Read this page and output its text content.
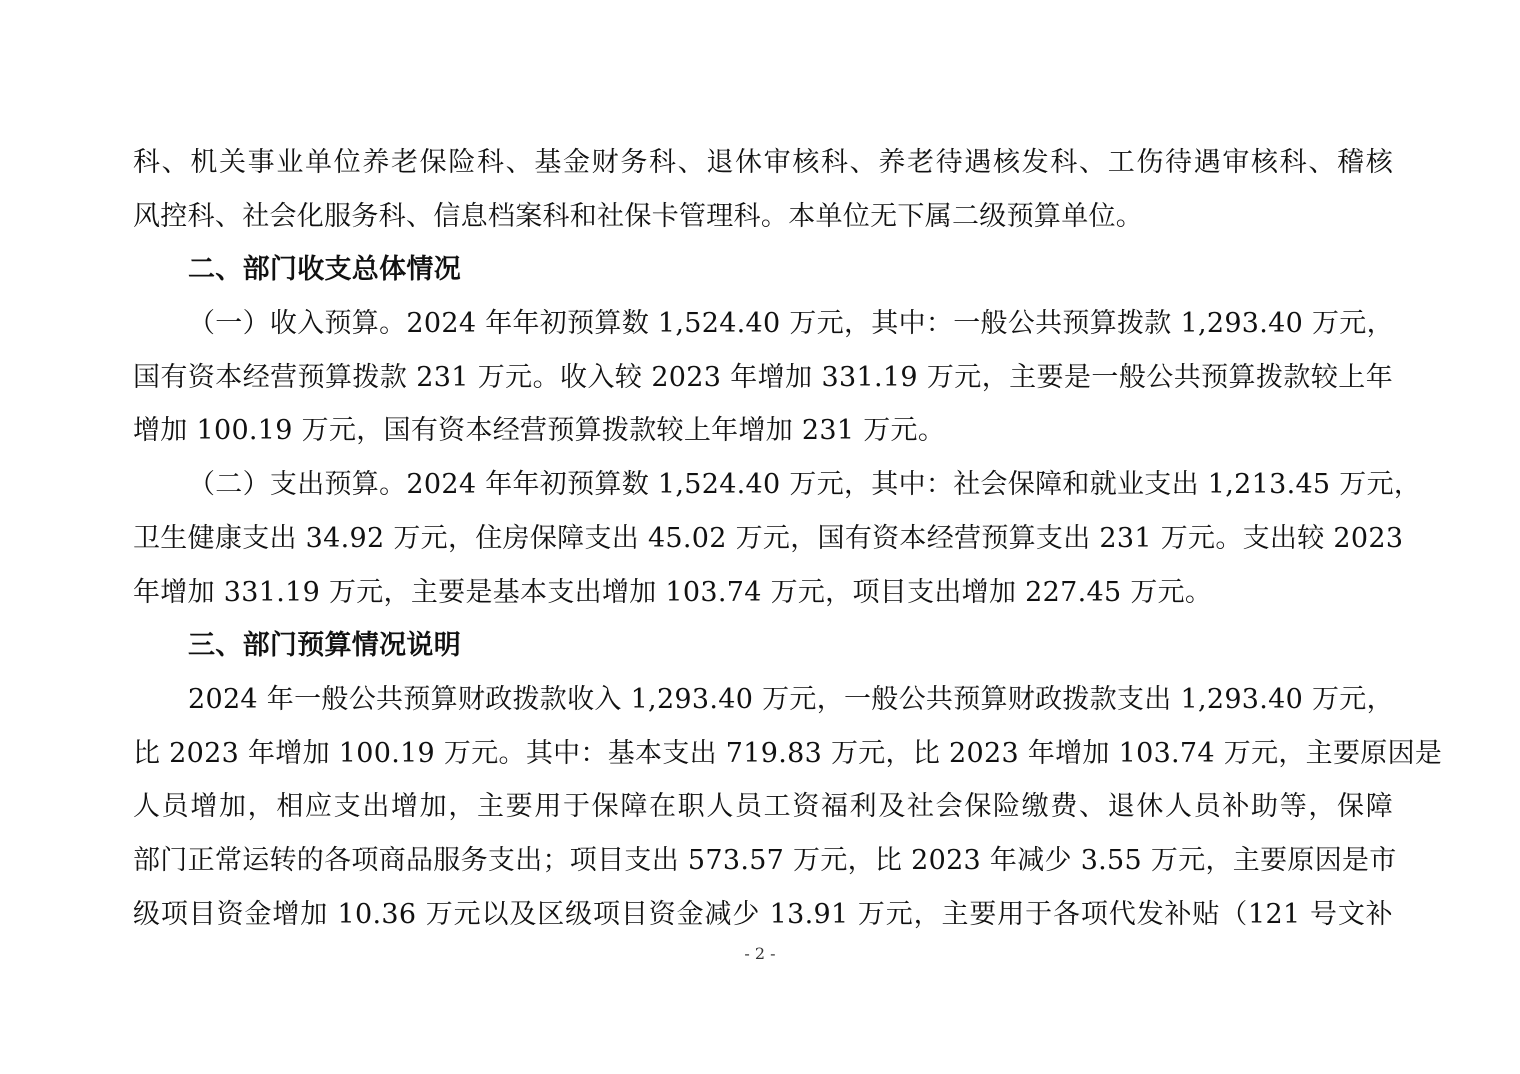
科、机关事业单位养老保险科、基金财务科、退休审核科、养老待遇核发科、工伤待遇审核科、稽核
风控科、社会化服务科、信息档案科和社保卡管理科。本单位无下属二级预算单位。
二、部门收支总体情况
（一）收入预算。2024 年年初预算数 1,524.40 万元，其中：一般公共预算拨款 1,293.40 万元，
国有资本经营预算拨款 231 万元。收入较 2023 年增加 331.19 万元，主要是一般公共预算拨款较上年
增加 100.19 万元，国有资本经营预算拨款较上年增加 231 万元。
（二）支出预算。2024 年年初预算数 1,524.40 万元，其中：社会保障和就业支出 1,213.45 万元，
卫生健康支出 34.92 万元，住房保障支出 45.02 万元，国有资本经营预算支出 231 万元。支出较 2023
年增加 331.19 万元，主要是基本支出增加 103.74 万元，项目支出增加 227.45 万元。
三、部门预算情况说明
2024 年一般公共预算财政拨款收入 1,293.40 万元，一般公共预算财政拨款支出 1,293.40 万元，
比 2023 年增加 100.19 万元。其中：基本支出 719.83 万元，比 2023 年增加 103.74 万元，主要原因是
人员增加，相应支出增加，主要用于保障在职人员工资福利及社会保险缴费、退休人员补助等，保障
部门正常运转的各项商品服务支出；项目支出 573.57 万元，比 2023 年减少 3.55 万元，主要原因是市
级项目资金增加 10.36 万元以及区级项目资金减少 13.91 万元，主要用于各项代发补贴（121 号文补
- 2 -
